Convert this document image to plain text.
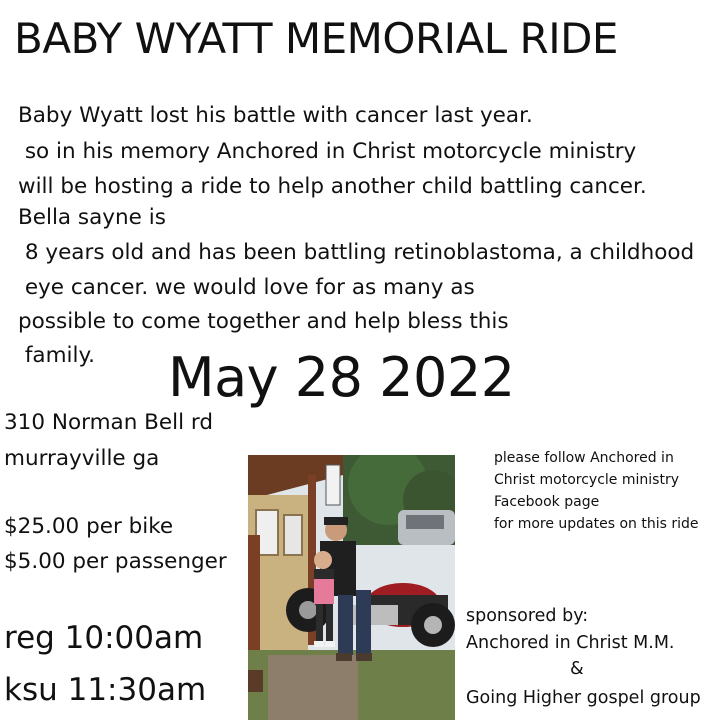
BABY WYATT MEMORIAL RIDE
Baby Wyatt lost his battle with cancer last year.
so in his memory Anchored in Christ motorcycle ministry
will be hosting a ride to help another child battling cancer.
Bella sayne is
8 years old and has been battling retinoblastoma, a childhood
eye cancer. we would love for as many as
possible to come together and help bless this
family. May 28 2022
310 Norman Bell rd
murrayville ga
$25.00 per bike
$5.00 per passenger
reg 10:00am
ksu 11:30am
please follow Anchored in
Christ motorcycle ministry
Facebook page
for more updates on this ride
sponsored by:
Anchored in Christ M.M.
&
Going Higher gospel group
